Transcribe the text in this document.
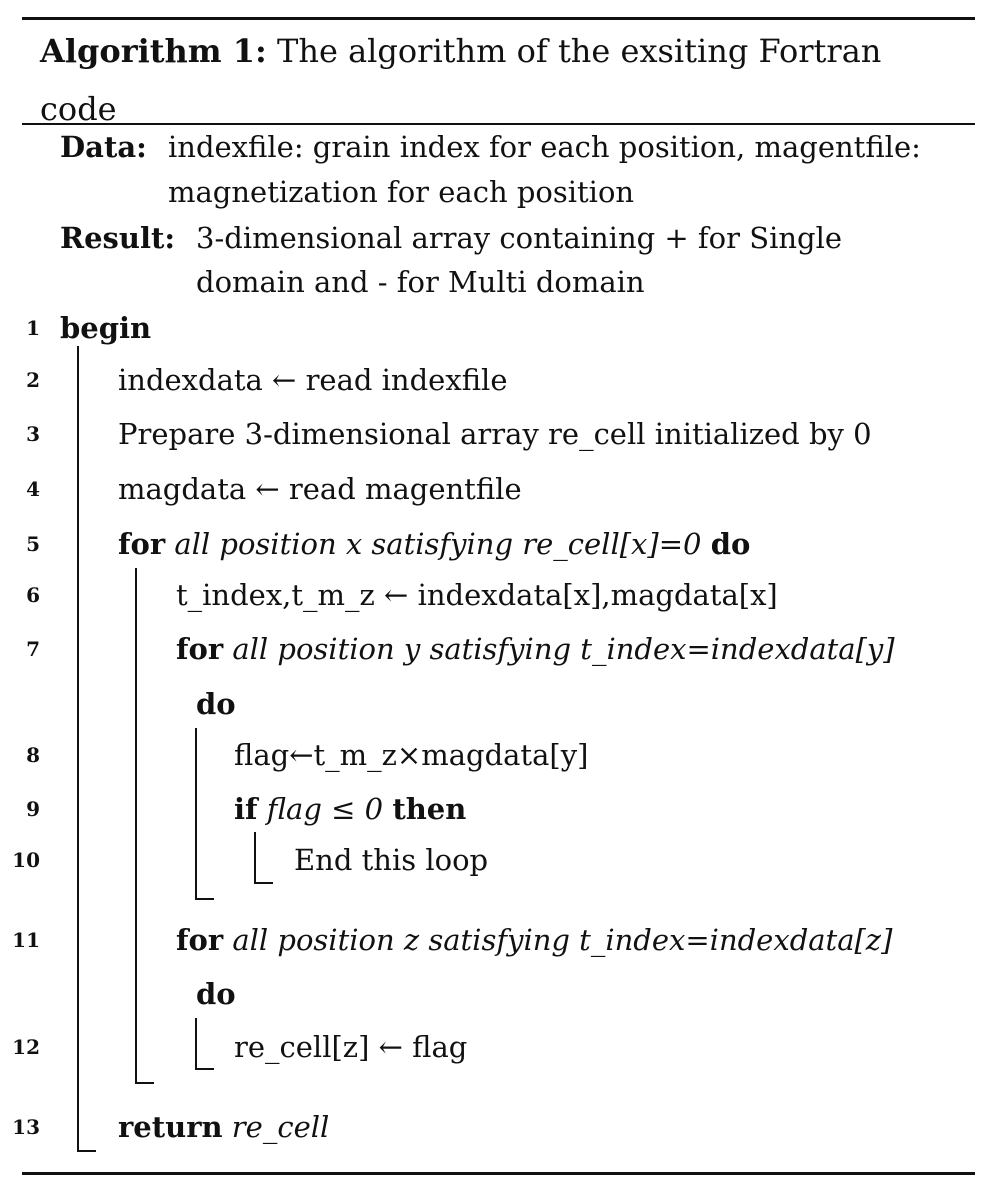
Algorithm 1: The algorithm of the exsiting Fortran
code
Data: indexfile: grain index for each position, magentfile:
magnetization for each position
Result: 3-dimensional array containing + for Single
domain and - for Multi domain
1
2
3
4
5
6
7
8
9
10
11
12
13
begin
indexdata ← read indexfile
Prepare 3-dimensional array re_cell initialized by 0
magdata ← read magentfile
for all position x satisfying re_cell[x]=0 do
t_index,t_m_z ← indexdata[x],magdata[x]
for all position y satisfying t_index=indexdata[y]
do
flag←t_m_z×magdata[y]
if flag ≤ 0 then
End this loop
for all position z satisfying t_index=indexdata[z]
do
re_cell[z] ← flag
return re_cell
